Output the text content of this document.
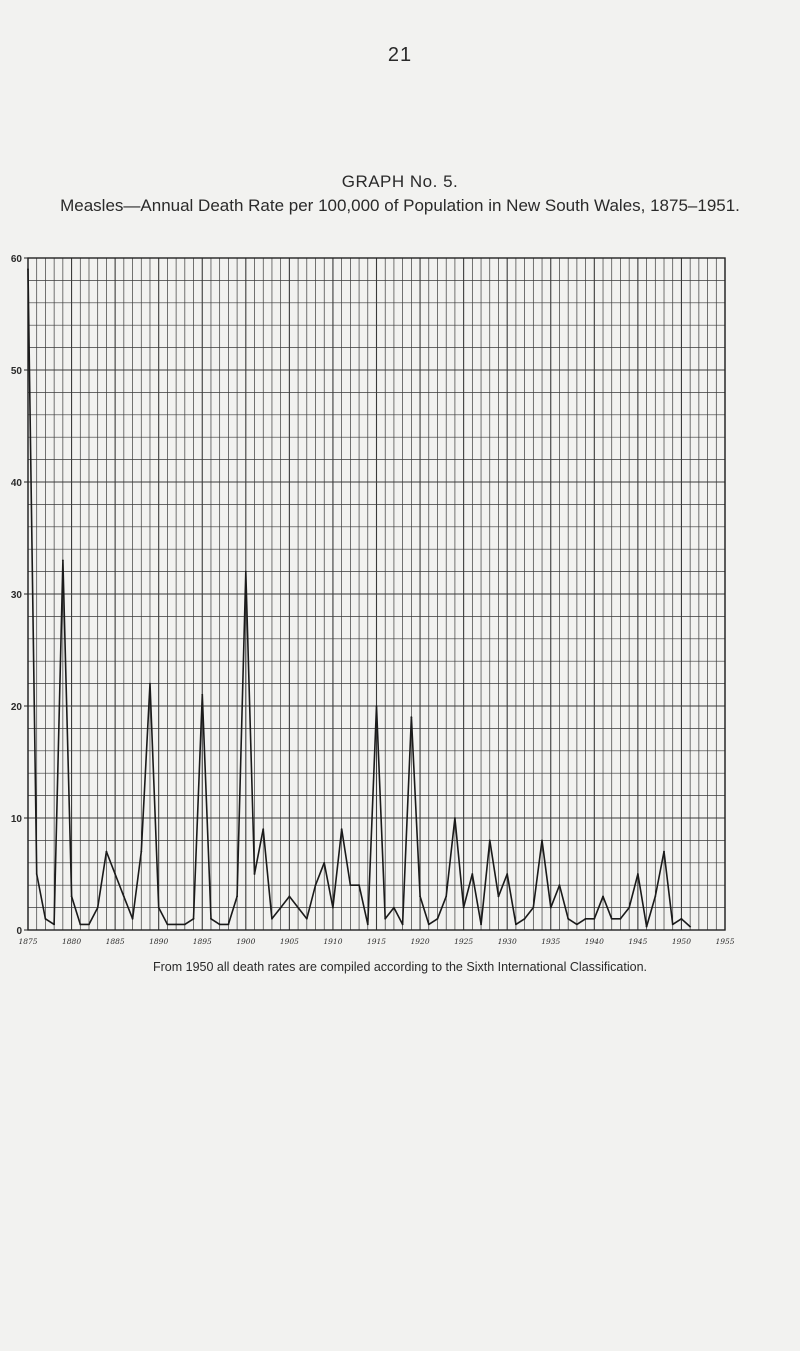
21
GRAPH No. 5.
Measles—Annual Death Rate per 100,000 of Population in New South Wales, 1875–1951.
0
10
20
30
40
50
60
1875	1880	1885	1890	1895	1900	1905	1910	1915	1920	1925	1930	1935	1940	1945	1950	1955
From 1950 all death rates are compiled according to the Sixth International Classification.
